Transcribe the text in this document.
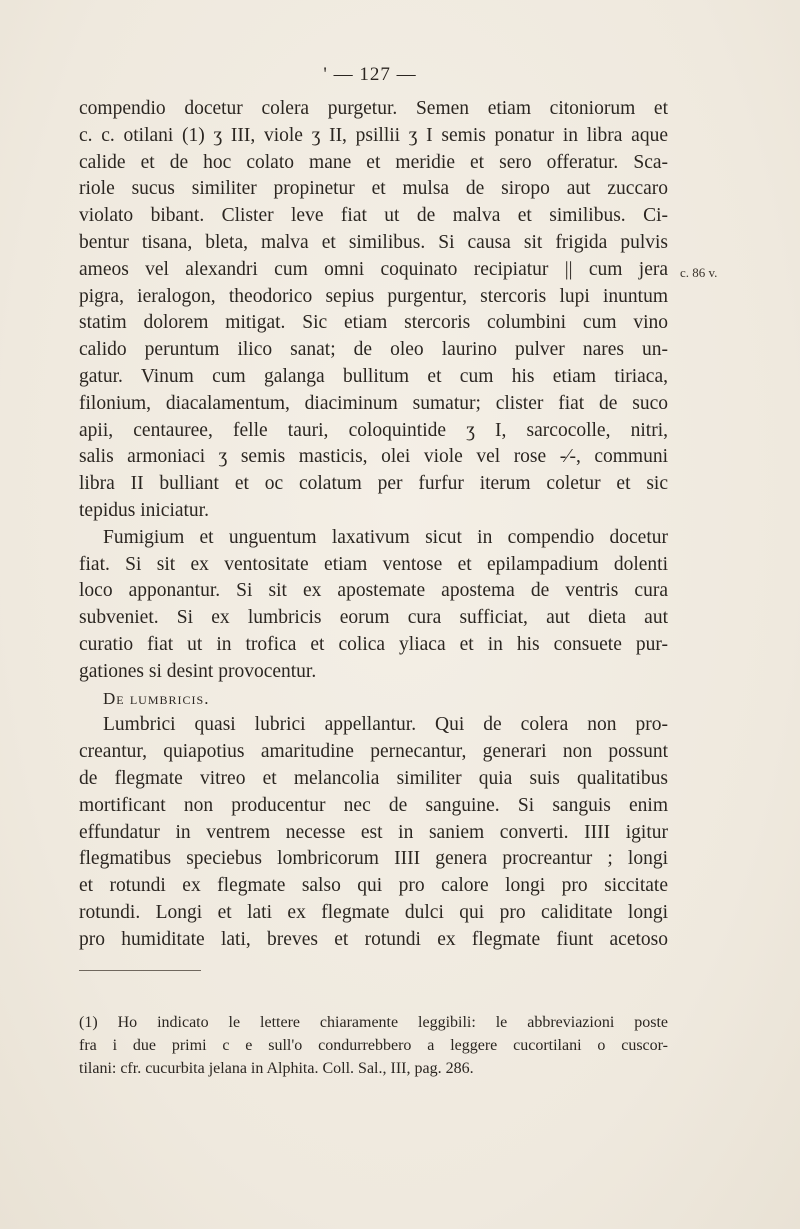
' — 127 —
compendio docetur colera purgetur. Semen etiam citoniorum et
c. c. otilani (1) ʒ III, viole ʒ II, psillii ʒ I semis ponatur in libra aque
calide et de hoc colato mane et meridie et sero offeratur. Sca-
riole sucus similiter propinetur et mulsa de siropo aut zuccaro
violato bibant. Clister leve fiat ut de malva et similibus. Ci-
bentur tisana, bleta, malva et similibus. Si causa sit frigida pulvis
ameos vel alexandri cum omni coquinato recipiatur || cum jera
pigra, ieralogon, theodorico sepius purgentur, stercoris lupi inuntum
statim dolorem mitigat. Sic etiam stercoris columbini cum vino
calido peruntum ilico sanat; de oleo laurino pulver nares un-
gatur. Vinum cum galanga bullitum et cum his etiam tiriaca,
filonium, diacalamentum, diaciminum sumatur; clister fiat de suco
apii, centauree, felle tauri, coloquintide ʒ I, sarcocolle, nitri,
salis armoniaci ʒ semis masticis, olei viole vel rose -⁄-, communi
libra II bulliant et oc colatum per furfur iterum coletur et sic
tepidus iniciatur.
Fumigium et unguentum laxativum sicut in compendio docetur
fiat. Si sit ex ventositate etiam ventose et epilampadium dolenti
loco apponantur. Si sit ex apostemate apostema de ventris cura
subveniet. Si ex lumbricis eorum cura sufficiat, aut dieta aut
curatio fiat ut in trofica et colica yliaca et in his consuete pur-
gationes si desint provocentur.
De lumbricis.
Lumbrici quasi lubrici appellantur. Qui de colera non pro-
creantur, quiapotius amaritudine pernecantur, generari non possunt
de flegmate vitreo et melancolia similiter quia suis qualitatibus
mortificant non producentur nec de sanguine. Si sanguis enim
effundatur in ventrem necesse est in saniem converti. IIII igitur
flegmatibus speciebus lombricorum IIII genera procreantur ; longi
et rotundi ex flegmate salso qui pro calore longi pro siccitate
rotundi. Longi et lati ex flegmate dulci qui pro caliditate longi
pro humiditate lati, breves et rotundi ex flegmate fiunt acetoso
c. 86 v.
(1) Ho indicato le lettere chiaramente leggibili: le abbreviazioni poste
fra i due primi c e sull'o condurrebbero a leggere cucortilani o cuscor-
tilani: cfr. cucurbita jelana in Alphita. Coll. Sal., III, pag. 286.
